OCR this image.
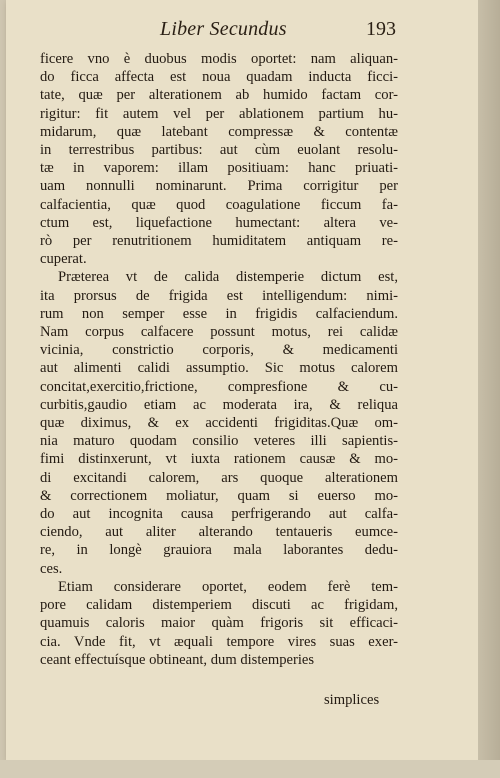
Liber Secundus	193
ficere vno è duobus modis oportet: nam aliquan-
do ficca affecta est noua quadam inducta ficci-
tate, quæ per alterationem ab humido factam cor-
rigitur: fit autem vel per ablationem partium hu-
midarum, quæ latebant compressæ & contentæ
in terrestribus partibus: aut cùm euolant resolu-
tæ in vaporem: illam positiuam: hanc priuati-
uam nonnulli nominarunt. Prima corrigitur per
calfacientia, quæ quod coagulatione ficcum fa-
ctum est, liquefactione humectant: altera ve-
rò per renutritionem humiditatem antiquam re-
cuperat.
Præterea vt de calida distemperie dictum est,
ita prorsus de frigida est intelligendum: nimi-
rum non semper esse in frigidis calfaciendum.
Nam corpus calfacere possunt motus, rei calidæ
vicinia, constrictio corporis, & medicamenti
aut alimenti calidi assumptio. Sic motus calorem
concitat,exercitio,frictione, compresfione & cu-
curbitis,gaudio etiam ac moderata ira, & reliqua
quæ diximus, & ex accidenti frigiditas.Quæ om-
nia maturo quodam consilio veteres illi sapientis-
fimi distinxerunt, vt iuxta rationem causæ & mo-
di excitandi calorem, ars quoque alterationem
& correctionem moliatur, quam si euerso mo-
do aut incognita causa perfrigerando aut calfa-
ciendo, aut aliter alterando tentaueris eumce-
re, in longè grauiora mala laborantes dedu-
ces.
Etiam considerare oportet, eodem ferè tem-
pore calidam distemperiem discuti ac frigidam,
quamuis caloris maior quàm frigoris sit efficaci-
cia. Vnde fit, vt æquali tempore vires suas exer-
ceant effectuísque obtineant, dum distemperies
simplices
